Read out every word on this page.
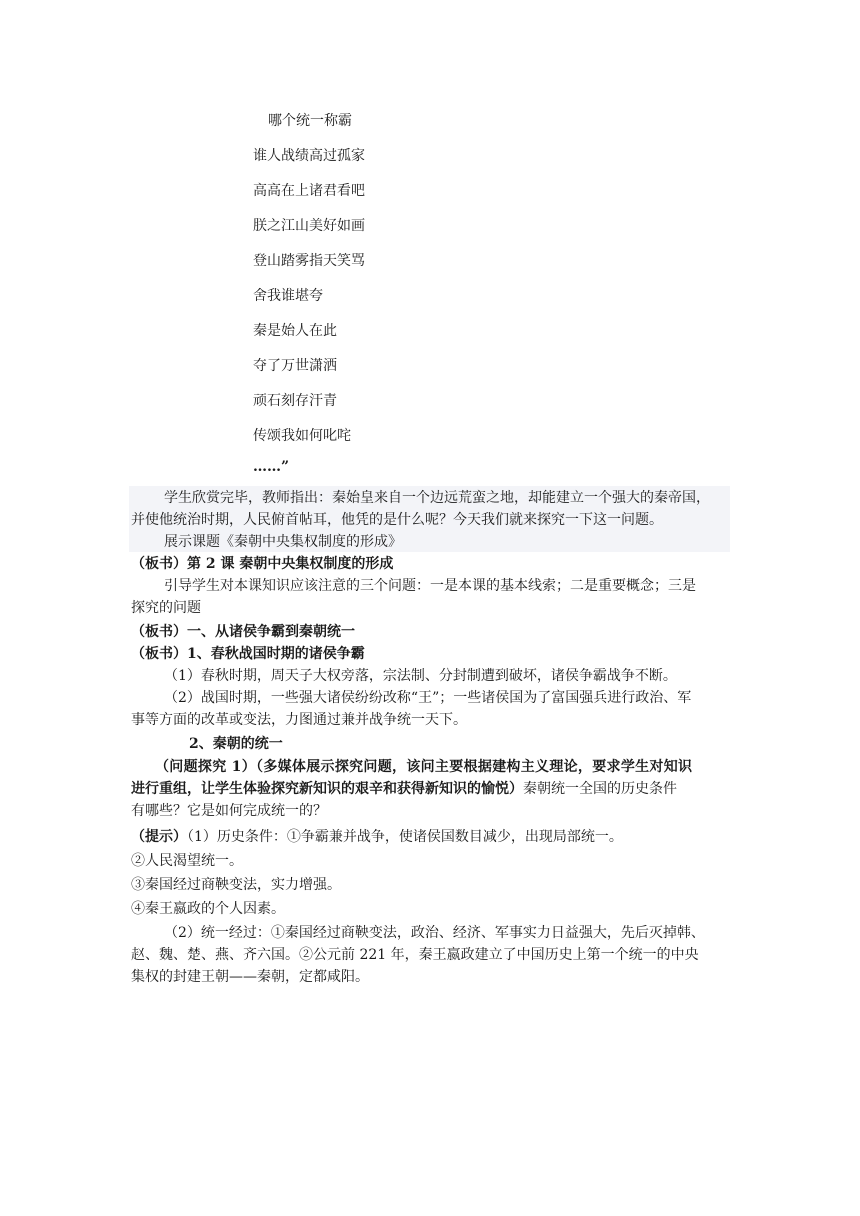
哪个统一称霸
谁人战绩高过孤家
高高在上诸君看吧
朕之江山美好如画
登山踏雾指天笑骂
舍我谁堪夸
秦是始人在此
夺了万世潇洒
顽石刻存汗青
传颂我如何叱咤
……”
学生欣赏完毕，教师指出：秦始皇来自一个边远荒蛮之地，却能建立一个强大的秦帝国，
并使他统治时期，人民俯首帖耳，他凭的是什么呢？今天我们就来探究一下这一问题。
展示课题《秦朝中央集权制度的形成》
（板书）第 2 课 秦朝中央集权制度的形成
引导学生对本课知识应该注意的三个问题：一是本课的基本线索；二是重要概念；三是
探究的问题
（板书）一、从诸侯争霸到秦朝统一
（板书）1、春秋战国时期的诸侯争霸
（1）春秋时期，周天子大权旁落，宗法制、分封制遭到破坏，诸侯争霸战争不断。
（2）战国时期，一些强大诸侯纷纷改称“王”；一些诸侯国为了富国强兵进行政治、军
事等方面的改革或变法，力图通过兼并战争统一天下。
2、秦朝的统一
（问题探究 1）（多媒体展示探究问题，该问主要根据建构主义理论，要求学生对知识
进行重组，让学生体验探究新知识的艰辛和获得新知识的愉悦）秦朝统一全国的历史条件
有哪些？它是如何完成统一的？
（提示）（1）历史条件：①争霸兼并战争，使诸侯国数目减少，出现局部统一。
②人民渴望统一。
③秦国经过商鞅变法，实力增强。
④秦王嬴政的个人因素。
（2）统一经过：①秦国经过商鞅变法，政治、经济、军事实力日益强大，先后灭掉韩、
赵、魏、楚、燕、齐六国。②公元前 221 年，秦王嬴政建立了中国历史上第一个统一的中央
集权的封建王朝——秦朝，定都咸阳。
